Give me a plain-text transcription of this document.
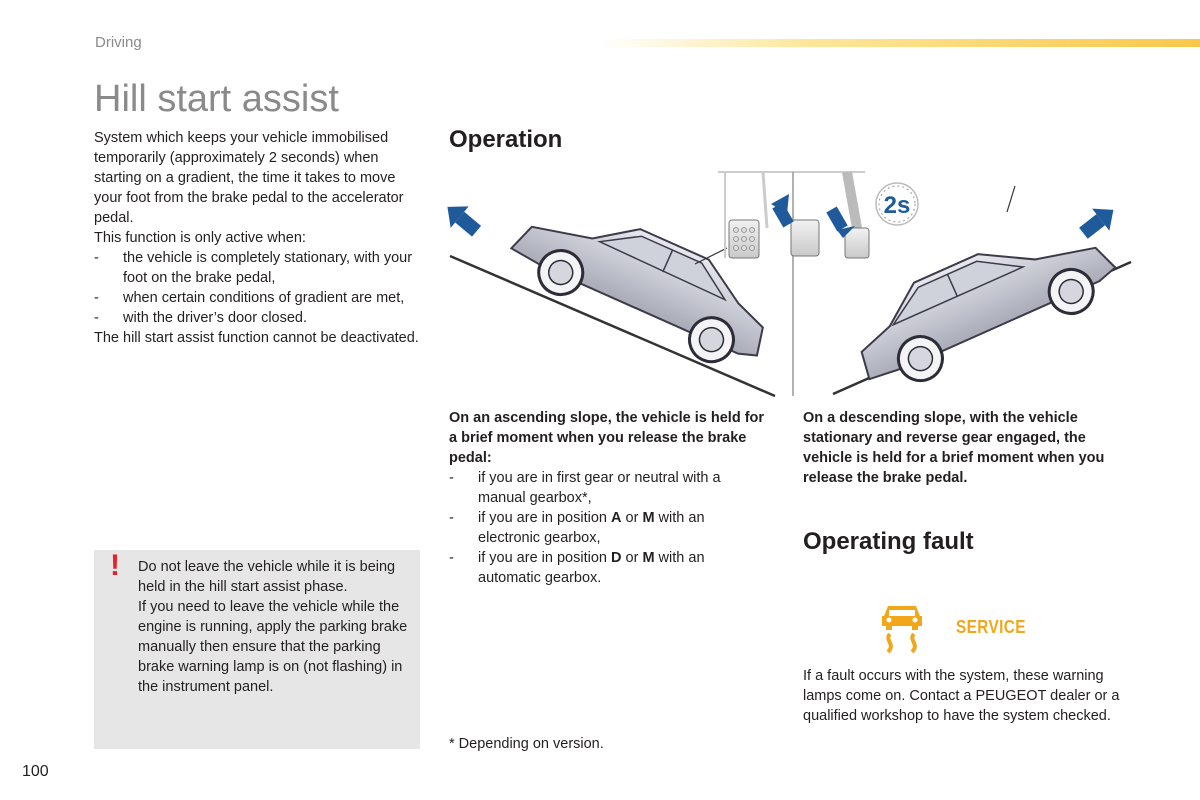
Driving
Hill start assist
System which keeps your vehicle immobilised temporarily (approximately 2 seconds) when starting on a gradient, the time it takes to move your foot from the brake pedal to the accelerator pedal.
This function is only active when:
- the vehicle is completely stationary, with your foot on the brake pedal,
- when certain conditions of gradient are met,
- with the driver’s door closed.
The hill start assist function cannot be deactivated.
Operation
2s
On an ascending slope, the vehicle is held for a brief moment when you release the brake pedal:
- if you are in first gear or neutral with a manual gearbox*,
- if you are in position A or M with an electronic gearbox,
- if you are in position D or M with an automatic gearbox.
On a descending slope, with the vehicle stationary and reverse gear engaged, the vehicle is held for a brief moment when you release the brake pedal.
Operating fault
SERVICE
If a fault occurs with the system, these warning lamps come on. Contact a PEUGEOT dealer or a qualified workshop to have the system checked.
! Do not leave the vehicle while it is being held in the hill start assist phase.
If you need to leave the vehicle while the engine is running, apply the parking brake manually then ensure that the parking brake warning lamp is on (not flashing) in the instrument panel.
* Depending on version.
100
